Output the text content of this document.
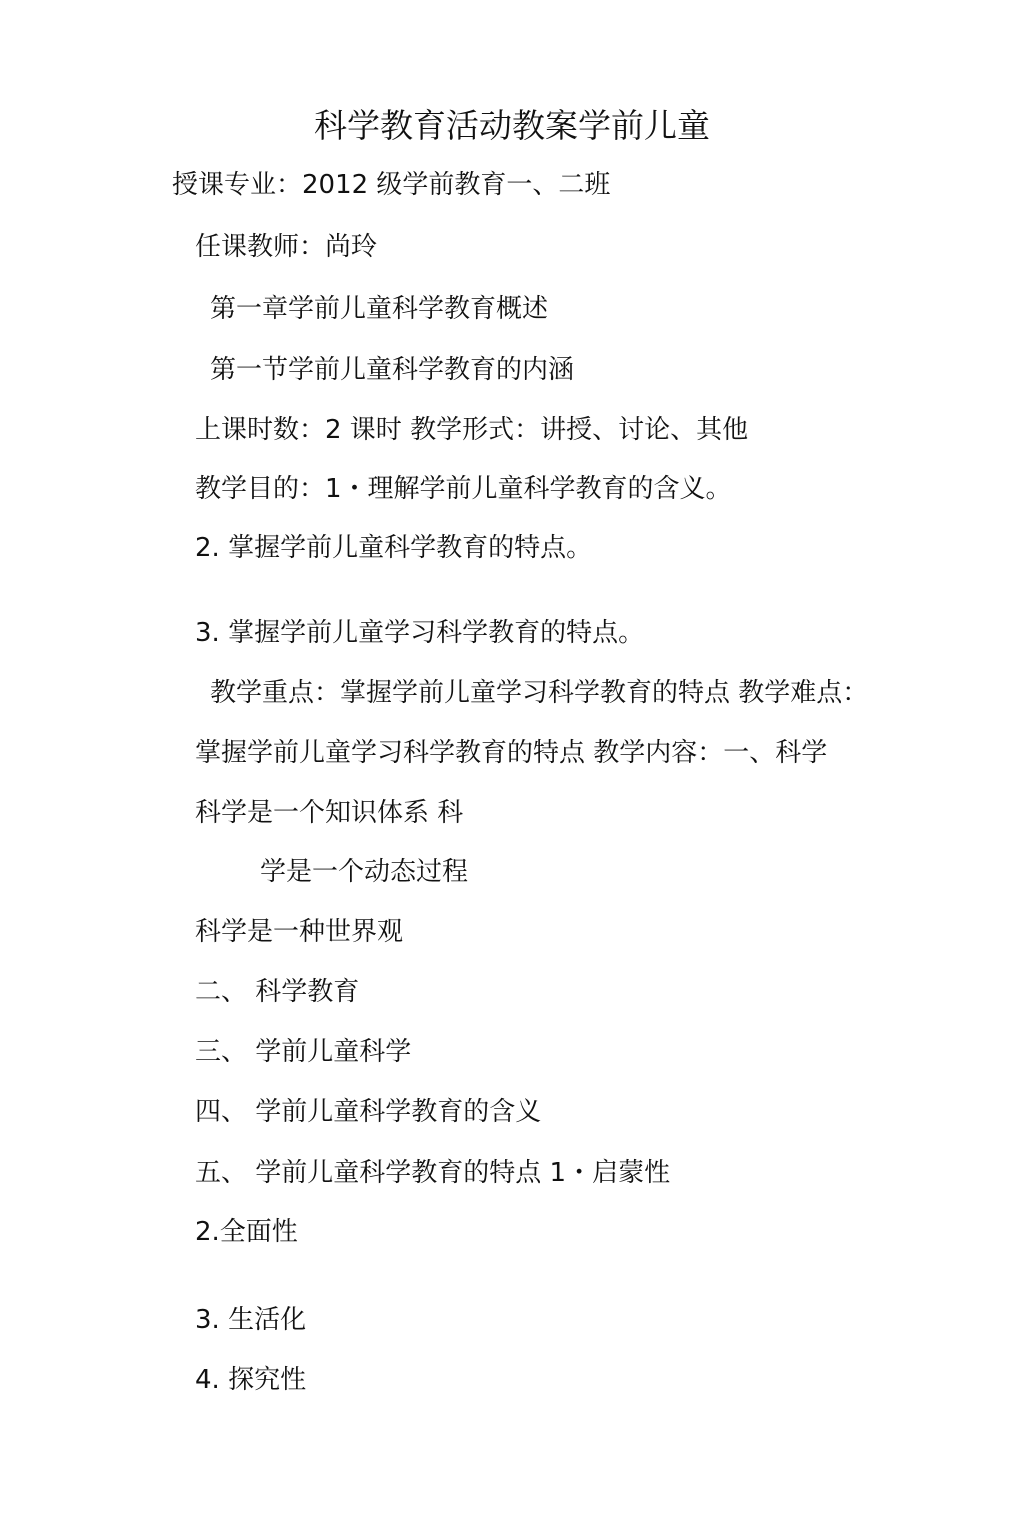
科学教育活动教案学前儿童
授课专业：2012 级学前教育一、二班
任课教师：尚玲
第一章学前儿童科学教育概述
第一节学前儿童科学教育的内涵
上课时数：2 课时 教学形式：讲授、讨论、其他
教学目的：1・理解学前儿童科学教育的含义。
2. 掌握学前儿童科学教育的特点。
3. 掌握学前儿童学习科学教育的特点。
教学重点：掌握学前儿童学习科学教育的特点 教学难点：
掌握学前儿童学习科学教育的特点 教学内容：一、科学
科学是一个知识体系 科
学是一个动态过程
科学是一种世界观
二、 科学教育
三、 学前儿童科学
四、 学前儿童科学教育的含义
五、 学前儿童科学教育的特点 1・启蒙性
2.全面性
3. 生活化
4. 探究性
